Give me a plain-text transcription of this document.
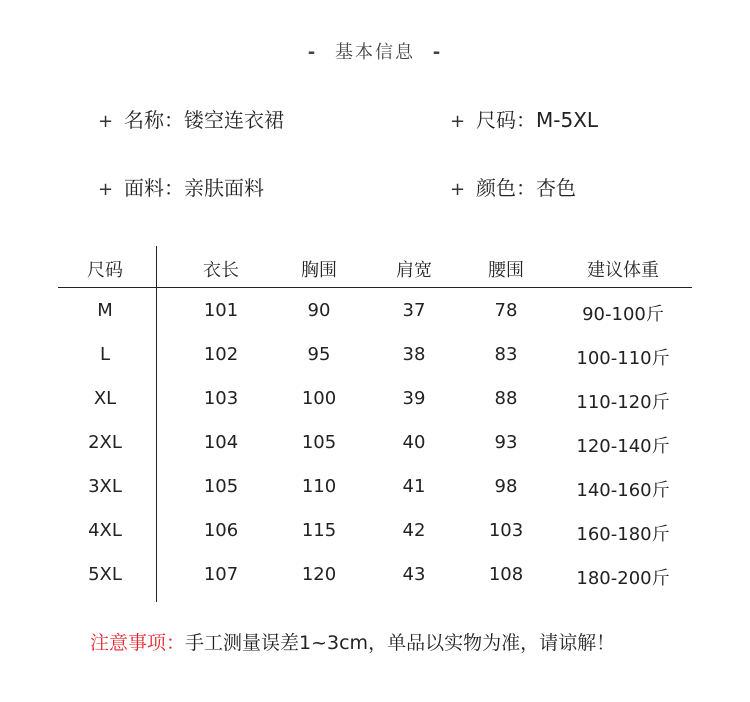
- 基本信息 -
+ 名称：镂空连衣裙	+ 尺码：M-5XL
+ 面料：亲肤面料	+ 颜色：杏色
尺码	衣长	胸围	肩宽	腰围	建议体重
M	101	90	37	78	90-100斤
L	102	95	38	83	100-110斤
XL	103	100	39	88	110-120斤
2XL	104	105	40	93	120-140斤
3XL	105	110	41	98	140-160斤
4XL	106	115	42	103	160-180斤
5XL	107	120	43	108	180-200斤
注意事项：手工测量误差1~3cm，单品以实物为准，请谅解！
